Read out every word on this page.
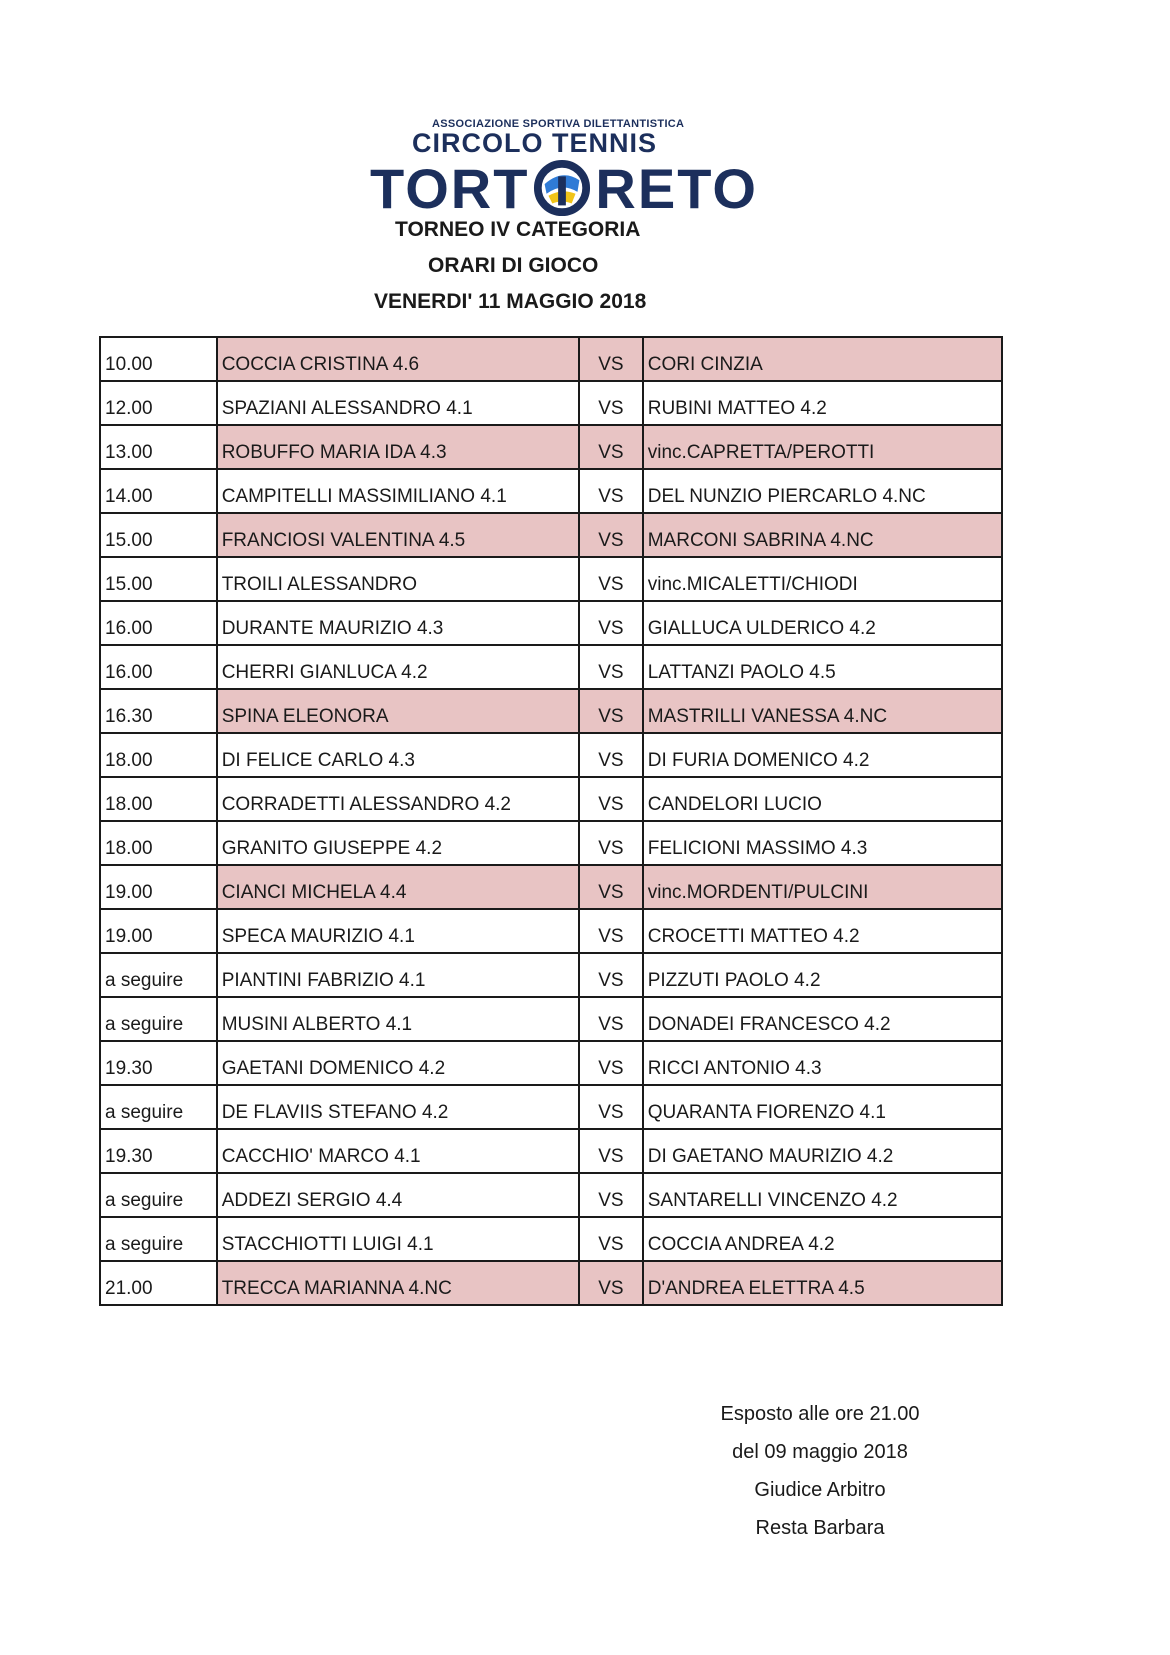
ASSOCIAZIONE SPORTIVA DILETTANTISTICA
CIRCOLO TENNIS
TORT RETO
TORNEO IV CATEGORIA
ORARI DI GIOCO
VENERDI' 11 MAGGIO 2018
10.00	COCCIA CRISTINA 4.6	VS	CORI CINZIA
12.00	SPAZIANI ALESSANDRO 4.1	VS	RUBINI MATTEO 4.2
13.00	ROBUFFO MARIA IDA 4.3	VS	vinc.CAPRETTA/PEROTTI
14.00	CAMPITELLI MASSIMILIANO 4.1	VS	DEL NUNZIO PIERCARLO 4.NC
15.00	FRANCIOSI VALENTINA 4.5	VS	MARCONI SABRINA 4.NC
15.00	TROILI ALESSANDRO	VS	vinc.MICALETTI/CHIODI
16.00	DURANTE MAURIZIO 4.3	VS	GIALLUCA ULDERICO 4.2
16.00	CHERRI GIANLUCA 4.2	VS	LATTANZI PAOLO 4.5
16.30	SPINA ELEONORA	VS	MASTRILLI VANESSA 4.NC
18.00	DI FELICE CARLO 4.3	VS	DI FURIA DOMENICO 4.2
18.00	CORRADETTI ALESSANDRO 4.2	VS	CANDELORI LUCIO
18.00	GRANITO GIUSEPPE 4.2	VS	FELICIONI MASSIMO 4.3
19.00	CIANCI MICHELA 4.4	VS	vinc.MORDENTI/PULCINI
19.00	SPECA MAURIZIO 4.1	VS	CROCETTI MATTEO 4.2
a seguire	PIANTINI FABRIZIO 4.1	VS	PIZZUTI PAOLO 4.2
a seguire	MUSINI ALBERTO 4.1	VS	DONADEI FRANCESCO 4.2
19.30	GAETANI DOMENICO 4.2	VS	RICCI ANTONIO 4.3
a seguire	DE FLAVIIS STEFANO 4.2	VS	QUARANTA FIORENZO 4.1
19.30	CACCHIO' MARCO 4.1	VS	DI GAETANO MAURIZIO 4.2
a seguire	ADDEZI SERGIO 4.4	VS	SANTARELLI VINCENZO 4.2
a seguire	STACCHIOTTI LUIGI 4.1	VS	COCCIA ANDREA 4.2
21.00	TRECCA MARIANNA 4.NC	VS	D'ANDREA ELETTRA 4.5
Esposto alle ore 21.00
del 09 maggio 2018
Giudice Arbitro
Resta Barbara
